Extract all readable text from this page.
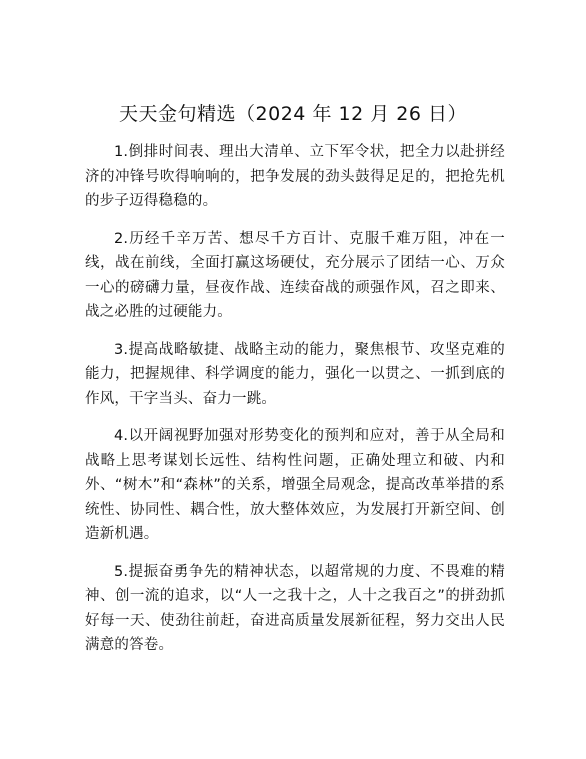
天天金句精选（2024 年 12 月 26 日）

1.倒排时间表、理出大清单、立下军令状，把全力以赴拼经济的冲锋号吹得响响的，把争发展的劲头鼓得足足的，把抢先机的步子迈得稳稳的。

2.历经千辛万苦、想尽千方百计、克服千难万阻，冲在一线，战在前线，全面打赢这场硬仗，充分展示了团结一心、万众一心的磅礴力量，昼夜作战、连续奋战的顽强作风，召之即来、战之必胜的过硬能力。

3.提高战略敏捷、战略主动的能力，聚焦根节、攻坚克难的能力，把握规律、科学调度的能力，强化一以贯之、一抓到底的作风，干字当头、奋力一跳。

4.以开阔视野加强对形势变化的预判和应对，善于从全局和战略上思考谋划长远性、结构性问题，正确处理立和破、内和外、“树木”和“森林”的关系，增强全局观念，提高改革举措的系统性、协同性、耦合性，放大整体效应，为发展打开新空间、创造新机遇。

5.提振奋勇争先的精神状态，以超常规的力度、不畏难的精神、创一流的追求，以“人一之我十之，人十之我百之”的拼劲抓好每一天、使劲往前赶，奋进高质量发展新征程，努力交出人民满意的答卷。
